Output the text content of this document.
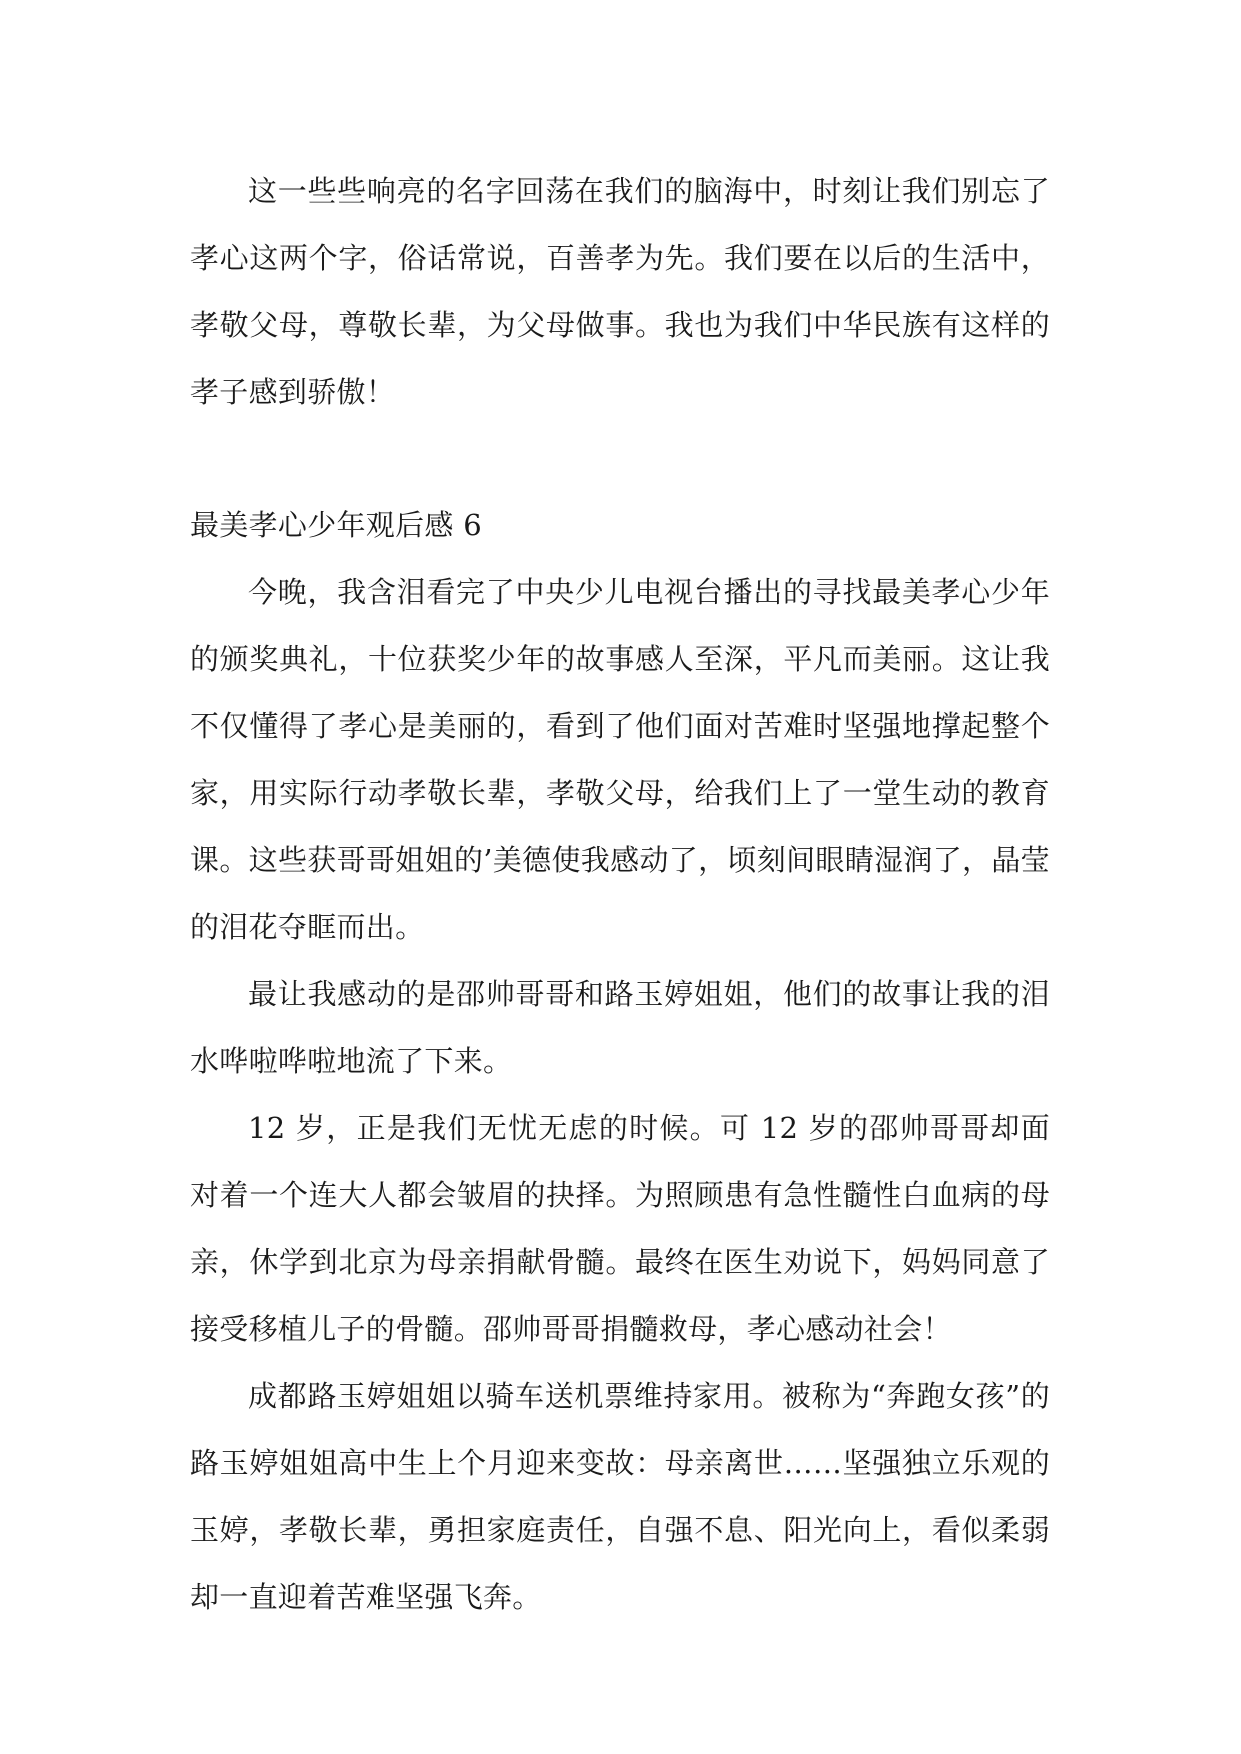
这一些些响亮的名字回荡在我们的脑海中，时刻让我们别忘了孝心这两个字，俗话常说，百善孝为先。我们要在以后的生活中，孝敬父母，尊敬长辈，为父母做事。我也为我们中华民族有这样的孝子感到骄傲！

最美孝心少年观后感 6

今晚，我含泪看完了中央少儿电视台播出的寻找最美孝心少年的颁奖典礼，十位获奖少年的故事感人至深，平凡而美丽。这让我不仅懂得了孝心是美丽的，看到了他们面对苦难时坚强地撑起整个家，用实际行动孝敬长辈，孝敬父母，给我们上了一堂生动的教育课。这些获哥哥姐姐的’美德使我感动了，顷刻间眼睛湿润了，晶莹的泪花夺眶而出。

最让我感动的是邵帅哥哥和路玉婷姐姐，他们的故事让我的泪水哗啦哗啦地流了下来。

12 岁，正是我们无忧无虑的时候。可 12 岁的邵帅哥哥却面对着一个连大人都会皱眉的抉择。为照顾患有急性髓性白血病的母亲，休学到北京为母亲捐献骨髓。最终在医生劝说下，妈妈同意了接受移植儿子的骨髓。邵帅哥哥捐髓救母，孝心感动社会！

成都路玉婷姐姐以骑车送机票维持家用。被称为“奔跑女孩”的路玉婷姐姐高中生上个月迎来变故：母亲离世……坚强独立乐观的玉婷，孝敬长辈，勇担家庭责任，自强不息、阳光向上，看似柔弱却一直迎着苦难坚强飞奔。
